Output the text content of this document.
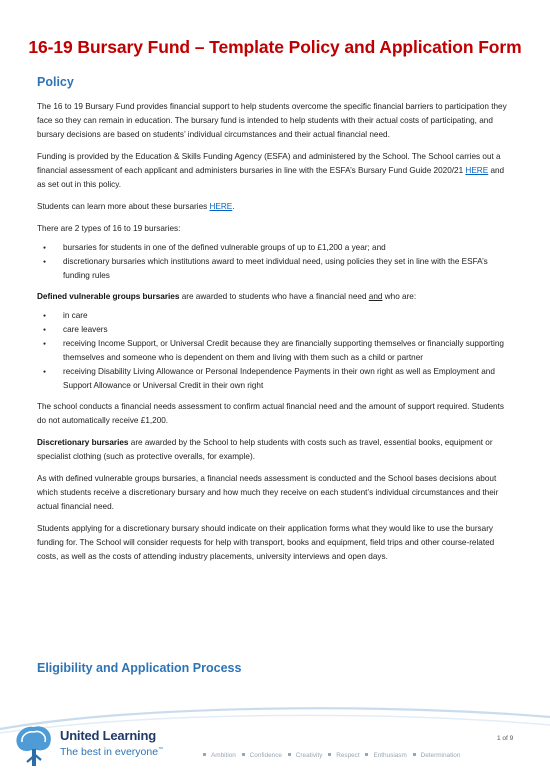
16-19 Bursary Fund – Template Policy and Application Form
Policy

The 16 to 19 Bursary Fund provides financial support to help students overcome the specific financial barriers to participation they face so they can remain in education. The bursary fund is intended to help students with their actual costs of participating, and bursary decisions are based on students’ individual circumstances and their actual financial need.

Funding is provided by the Education & Skills Funding Agency (ESFA) and administered by the School. The School carries out a financial assessment of each applicant and administers bursaries in line with the ESFA’s Bursary Fund Guide 2020/21 HERE and as set out in this policy.

Students can learn more about these bursaries HERE.

There are 2 types of 16 to 19 bursaries:

● bursaries for students in one of the defined vulnerable groups of up to £1,200 a year; and
● discretionary bursaries which institutions award to meet individual need, using policies they set in line with the ESFA’s funding rules

Defined vulnerable groups bursaries are awarded to students who have a financial need and who are:

● in care
● care leavers
● receiving Income Support, or Universal Credit because they are financially supporting themselves or financially supporting themselves and someone who is dependent on them and living with them such as a child or partner
● receiving Disability Living Allowance or Personal Independence Payments in their own right as well as Employment and Support Allowance or Universal Credit in their own right

The school conducts a financial needs assessment to confirm actual financial need and the amount of support required. Students do not automatically receive £1,200.

Discretionary bursaries are awarded by the School to help students with costs such as travel, essential books, equipment or specialist clothing (such as protective overalls, for example).

As with defined vulnerable groups bursaries, a financial needs assessment is conducted and the School bases decisions about which students receive a discretionary bursary and how much they receive on each student’s individual circumstances and their actual financial need.

Students applying for a discretionary bursary should indicate on their application forms what they would like to use the bursary funding for. The School will consider requests for help with transport, books and equipment, field trips and other course-related costs, as well as the costs of attending industry placements, university interviews and open days.

Eligibility and Application Process
United Learning
The best in everyone™
1 of 9
Ambition Confidence Creativity Respect Enthusiasm Determination
